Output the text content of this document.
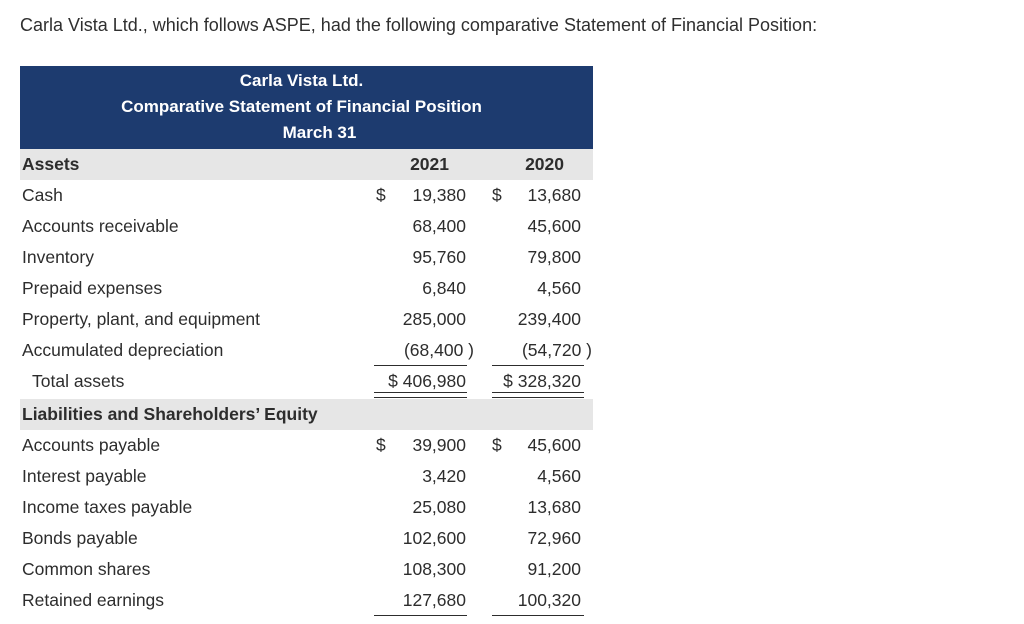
Carla Vista Ltd., which follows ASPE, had the following comparative Statement of Financial Position:
Carla Vista Ltd.
Comparative Statement of Financial Position
March 31
Assets	2021	2020
Cash	$ 19,380 $ 13,680
Accounts receivable	68,400	45,600
Inventory	95,760	79,800
Prepaid expenses	6,840	4,560
Property, plant, and equipment	285,000	239,400
Accumulated depreciation	(68,400 )	(54,720 )
Total assets	$ 406,980 $ 328,320
Liabilities and Shareholders’ Equity
Accounts payable	$ 39,900 $ 45,600
Interest payable	3,420	4,560
Income taxes payable	25,080	13,680
Bonds payable	102,600	72,960
Common shares	108,300	91,200
Retained earnings	127,680	100,320
